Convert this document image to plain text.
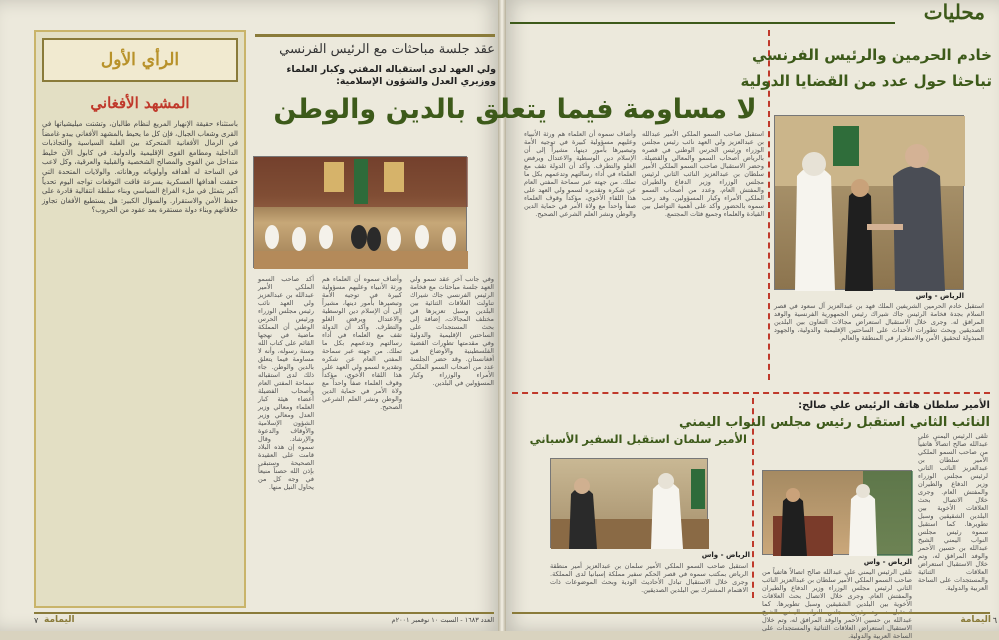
الرأي الأول
المشهد الأفغاني
باستثناء حقيقة الإنهيار المريع لنظام طالبان، وتشتت ميليشياتها في القرى وشعاب الجبال، فإن كل ما يحيط بالمشهد الأفغاني يبدو غامضاً في الرمال الأفغانية المتحركة بين الغلبة السياسية والتجاذبات الداخلية ومطامع القوى الإقليمية والدولية. في كابول الآن خليط متداخل من القوى والمصالح الشخصية والقبلية والعرقية، وكل لاعب في الساحة له أهدافه وأولوياته ورهاناته. والولايات المتحدة التي حققت أهدافها العسكرية بسرعة فاقت التوقعات تواجه اليوم تحدياً أكبر يتمثل في ملء الفراغ السياسي وبناء سلطة انتقالية قادرة على حفظ الأمن والاستقرار. والسؤال الكبير: هل يستطيع الأفغان تجاوز خلافاتهم وبناء دولة مستقرة بعد عقود من الحروب؟
عقد جلسة مباحثات مع الرئيس الفرنسي
ولي العهد لدى استقباله المفتي وكبار العلماء ووزيري العدل والشؤون الإسلامية:
أكد صاحب السمو الملكي الأمير عبدالله بن عبدالعزيز ولي العهد نائب رئيس مجلس الوزراء ورئيس الحرس الوطني أن المملكة ماضية في نهجها القائم على كتاب الله وسنة رسوله، وأنه لا مساومة فيما يتعلق بالدين والوطن. جاء ذلك لدى استقباله سماحة المفتي العام وأصحاب الفضيلة أعضاء هيئة كبار العلماء ومعالي وزير العدل ومعالي وزير الشؤون الإسلامية والأوقاف والدعوة والإرشاد. وقال سموه إن هذه البلاد قامت على العقيدة الصحيحة وستبقى بإذن الله حصناً منيعاً في وجه كل من يحاول النيل منها.
وأضاف سموه أن العلماء هم ورثة الأنبياء وعليهم مسؤولية كبيرة في توجيه الأمة وتبصيرها بأمور دينها، مشيراً إلى أن الإسلام دين الوسطية والاعتدال ويرفض الغلو والتطرف. وأكد أن الدولة تقف مع العلماء في أداء رسالتهم وتدعمهم بكل ما تملك. من جهته عبر سماحة المفتي العام عن شكره وتقديره لسمو ولي العهد على هذا اللقاء الأخوي، مؤكداً وقوف العلماء صفاً واحداً مع ولاة الأمر في حماية الدين والوطن ونشر العلم الشرعي الصحيح.
وفي جانب آخر عقد سمو ولي العهد جلسة مباحثات مع فخامة الرئيس الفرنسي جاك شيراك تناولت العلاقات الثنائية بين البلدين وسبل تعزيزها في مختلف المجالات، إضافة إلى بحث المستجدات على الساحتين الإقليمية والدولية وفي مقدمتها تطورات القضية الفلسطينية والأوضاع في أفغانستان. وقد حضر الجلسة عدد من أصحاب السمو الملكي الأمراء والوزراء وكبار المسؤولين في البلدين.
اليمامة
٧	العدد ١٦٨٣ - السبت ١٠ نوفمبر ٢٠٠١م
محليات
وأضاف سموه أن العلماء هم ورثة الأنبياء وعليهم مسؤولية كبيرة في توجيه الأمة وتبصيرها بأمور دينها، مشيراً إلى أن الإسلام دين الوسطية والاعتدال ويرفض الغلو والتطرف. وأكد أن الدولة تقف مع العلماء في أداء رسالتهم وتدعمهم بكل ما تملك. من جهته عبر سماحة المفتي العام عن شكره وتقديره لسمو ولي العهد على هذا اللقاء الأخوي، مؤكداً وقوف العلماء صفاً واحداً مع ولاة الأمر في حماية الدين والوطن ونشر العلم الشرعي الصحيح.
استقبل صاحب السمو الملكي الأمير عبدالله بن عبدالعزيز ولي العهد نائب رئيس مجلس الوزراء ورئيس الحرس الوطني في قصره بالرياض أصحاب السمو والمعالي والفضيلة. وحضر الاستقبال صاحب السمو الملكي الأمير سلطان بن عبدالعزيز النائب الثاني لرئيس مجلس الوزراء وزير الدفاع والطيران والمفتش العام، وعدد من أصحاب السمو الملكي الأمراء وكبار المسؤولين. وقد رحب سموه بالحضور وأكد على أهمية التواصل بين القيادة والعلماء وجميع فئات المجتمع.
خادم الحرمين والرئيس الفرنسي
تباحثا حول عدد من القضايا الدولية
الرياض - واس
استقبل خادم الحرمين الشريفين الملك فهد بن عبدالعزيز آل سعود في قصر السلام بجدة فخامة الرئيس جاك شيراك رئيس الجمهورية الفرنسية والوفد المرافق له. وجرى خلال الاستقبال استعراض مجالات التعاون بين البلدين الصديقين وبحث تطورات الأحداث على الساحتين الإقليمية والدولية، والجهود المبذولة لتحقيق الأمن والاستقرار في المنطقة والعالم.
الأمير سلطان هاتف الرئيس علي صالح:
النائب الثاني استقبل رئيس مجلس النواب اليمني
الرياض - واس
تلقى الرئيس اليمني علي عبدالله صالح اتصالاً هاتفياً من صاحب السمو الملكي الأمير سلطان بن عبدالعزيز النائب الثاني لرئيس مجلس الوزراء وزير الدفاع والطيران والمفتش العام. وجرى خلال الاتصال بحث العلاقات الأخوية بين البلدين الشقيقين وسبل تطويرها. كما استقبل سموه رئيس مجلس النواب اليمني الشيخ عبدالله بن حسين الأحمر والوفد المرافق له، وتم خلال الاستقبال استعراض العلاقات الثنائية والمستجدات على الساحة العربية والدولية.
تلقى الرئيس اليمني علي عبدالله صالح اتصالاً هاتفياً من صاحب السمو الملكي الأمير سلطان بن عبدالعزيز النائب الثاني لرئيس مجلس الوزراء وزير الدفاع والطيران والمفتش العام. وجرى خلال الاتصال بحث العلاقات الأخوية بين البلدين الشقيقين وسبل تطويرها. كما عبدالله بن حسين الأحمر والوفد المرافق له، وتم خلال الاستقبال استعراض العلاقات الثنائية والمستجدات على الساحة العربية والدولية.
الأمير سلمان استقبل السفير الأسباني
الرياض - واس
استقبل صاحب السمو الملكي الأمير سلمان بن عبدالعزيز أمير منطقة الرياض بمكتب سموه في قصر الحكم سفير مملكة إسبانيا لدى المملكة. وجرى خلال الاستقبال تبادل الأحاديث الودية وبحث الموضوعات ذات الاهتمام المشترك بين البلدين الصديقين.
اليمامة ٦
لا مساومة فيما يتعلق بالدين والوطن
